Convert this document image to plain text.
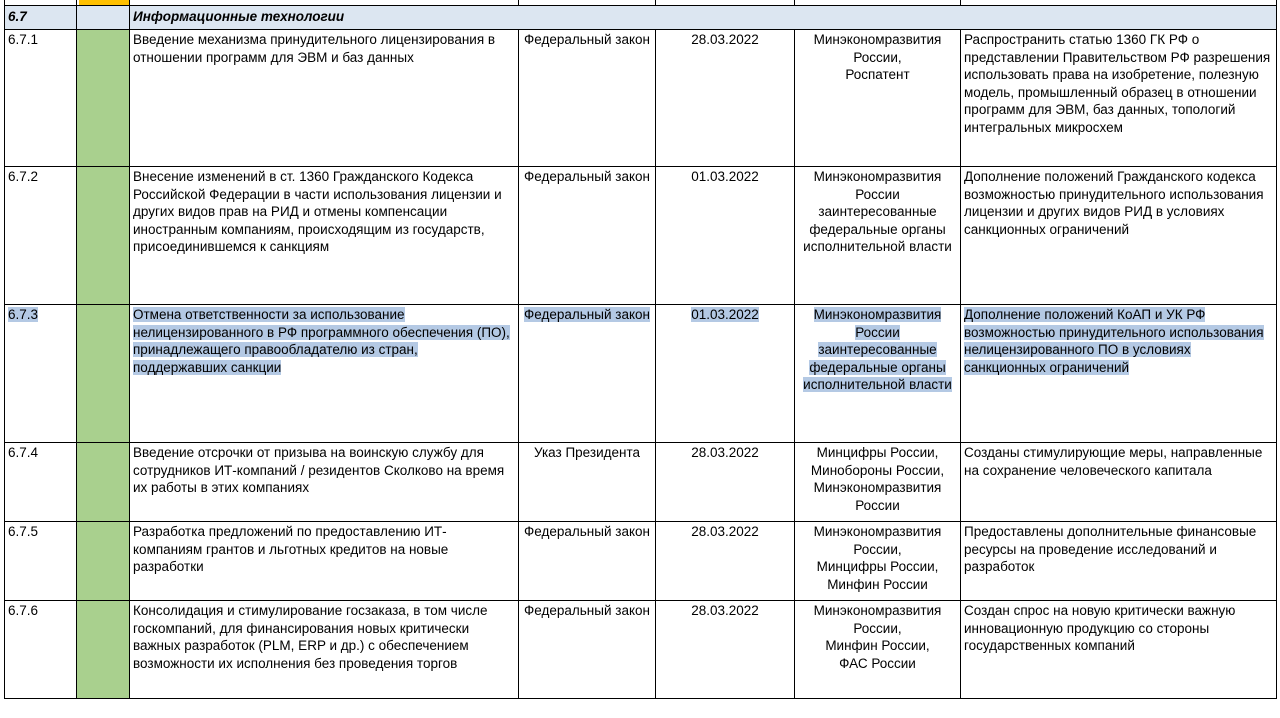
6.7		Информационные технологии				
6.7.1		Введение механизма принудительного лицензирования в отношении программ для ЭВМ и баз данных	Федеральный закон	28.03.2022	Минэкономразвития России,
Роспатент	Распространить статью 1360 ГК РФ о представлении Правительством РФ разрешения использовать права на изобретение, полезную модель, промышленный образец в отношении программ для ЭВМ, баз данных, топологий интегральных микросхем
6.7.2		Внесение изменений в ст. 1360 Гражданского Кодекса Российской Федерации в части использования лицензии и других видов прав на РИД и отмены компенсации иностранным компаниям, происходящим из государств, присоединившемся к санкциям	Федеральный закон	01.03.2022	Минэкономразвития России
заинтересованные федеральные органы исполнительной власти	Дополнение положений Гражданского кодекса возможностью принудительного использования лицензии и других видов РИД в условиях санкционных ограничений
6.7.3		Отмена ответственности за использование нелицензированного в РФ программного обеспечения (ПО), принадлежащего правообладателю из стран, поддержавших санкции	Федеральный закон	01.03.2022	Минэкономразвития России
заинтересованные федеральные органы исполнительной власти	Дополнение положений КоАП и УК РФ возможностью принудительного использования нелицензированного ПО в условиях санкционных ограничений
6.7.4		Введение отсрочки от призыва на воинскую службу для сотрудников ИТ-компаний / резидентов Сколково на время их работы в этих компаниях	Указ Президента	28.03.2022	Минцифры России,
Минобороны России,
Минэкономразвития России	Созданы стимулирующие меры, направленные на сохранение человеческого капитала
6.7.5		Разработка предложений по предоставлению ИТ-компаниям грантов и льготных кредитов на новые разработки	Федеральный закон	28.03.2022	Минэкономразвития России,
Минцифры России,
Минфин России	Предоставлены дополнительные финансовые ресурсы на проведение исследований и разработок
6.7.6		Консолидация и стимулирование госзаказа, в том числе госкомпаний, для финансирования новых критически важных разработок (PLM, ERP и др.) с обеспечением возможности их исполнения без проведения торгов	Федеральный закон	28.03.2022	Минэкономразвития России,
Минфин России,
ФАС России	Создан спрос на новую критически важную инновационную продукцию со стороны государственных компаний
